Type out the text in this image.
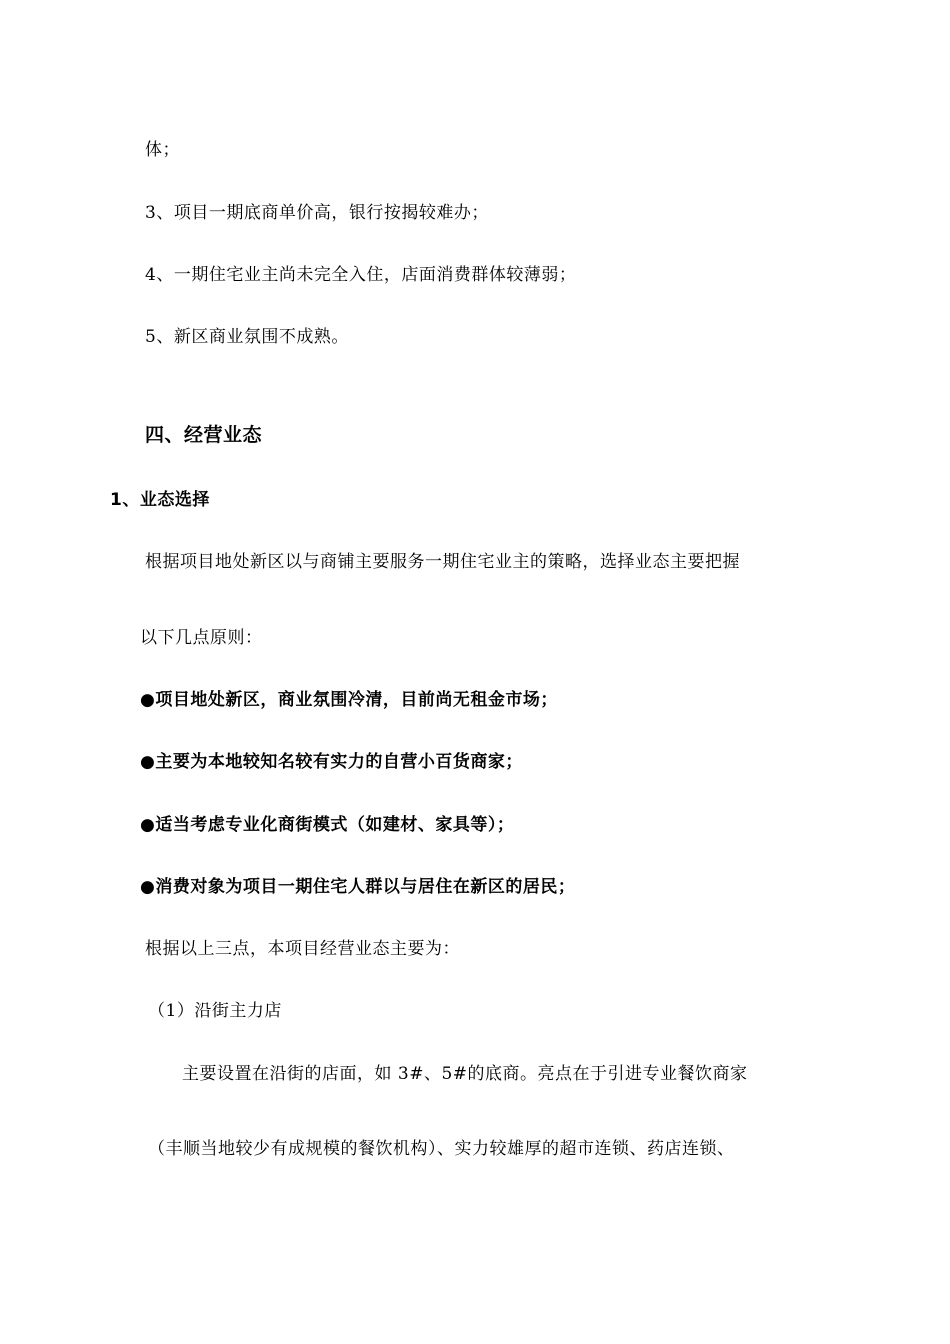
体；
3、项目一期底商单价高，银行按揭较难办；
4、一期住宅业主尚未完全入住，店面消费群体较薄弱；
5、新区商业氛围不成熟。
四、经营业态
1、业态选择
根据项目地处新区以与商铺主要服务一期住宅业主的策略，选择业态主要把握
以下几点原则：
●项目地处新区，商业氛围冷清，目前尚无租金市场；
●主要为本地较知名较有实力的自营小百货商家；
●适当考虑专业化商街模式（如建材、家具等）；
●消费对象为项目一期住宅人群以与居住在新区的居民；
根据以上三点，本项目经营业态主要为：
（1）沿街主力店
主要设置在沿街的店面，如 3#、5#的底商。亮点在于引进专业餐饮商家
（丰顺当地较少有成规模的餐饮机构）、实力较雄厚的超市连锁、药店连锁、
